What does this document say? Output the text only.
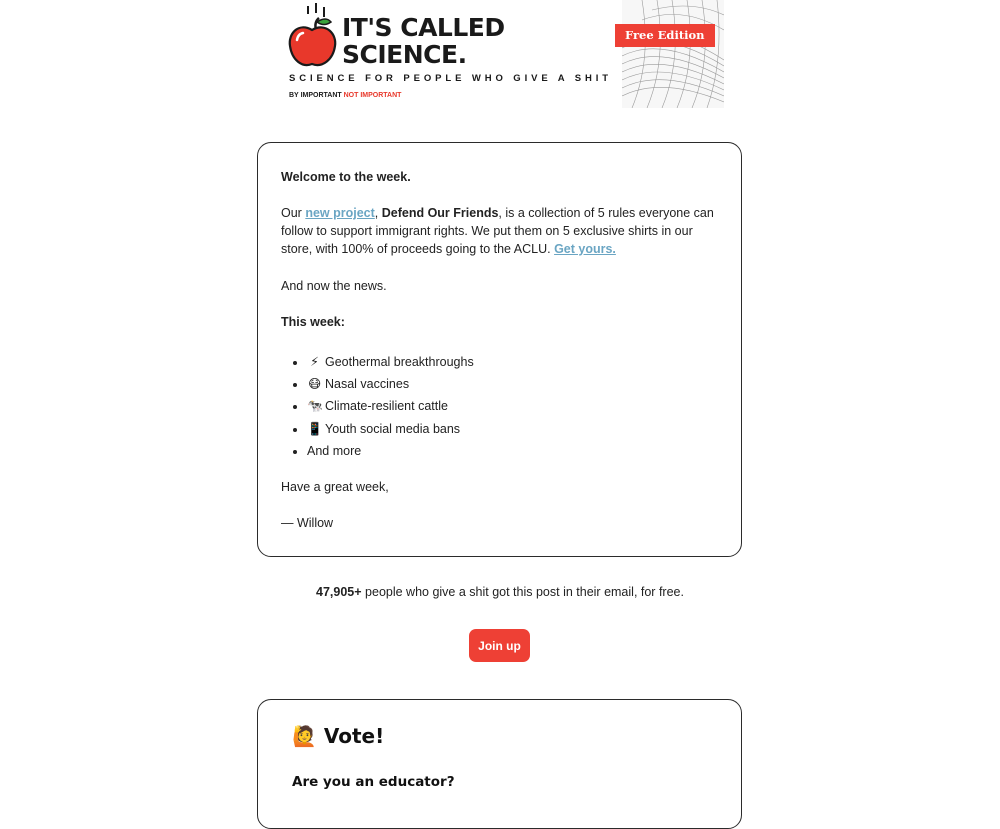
IT'S CALLED
SCIENCE.
SCIENCE FOR PEOPLE WHO GIVE A SHIT
BY IMPORTANT NOT IMPORTANT
Free Edition

Welcome to the week.

Our new project, Defend Our Friends, is a collection of 5 rules everyone can follow to support immigrant rights. We put them on 5 exclusive shirts in our store, with 100% of proceeds going to the ACLU. Get yours.

And now the news.

This week:

• ⚡ Geothermal breakthroughs
• 😷 Nasal vaccines
• 🐄 Climate-resilient cattle
• 📱 Youth social media bans
• And more

Have a great week,

— Willow

47,905+ people who give a shit got this post in their email, for free.
Join up
🙋 Vote!

Are you an educator?
